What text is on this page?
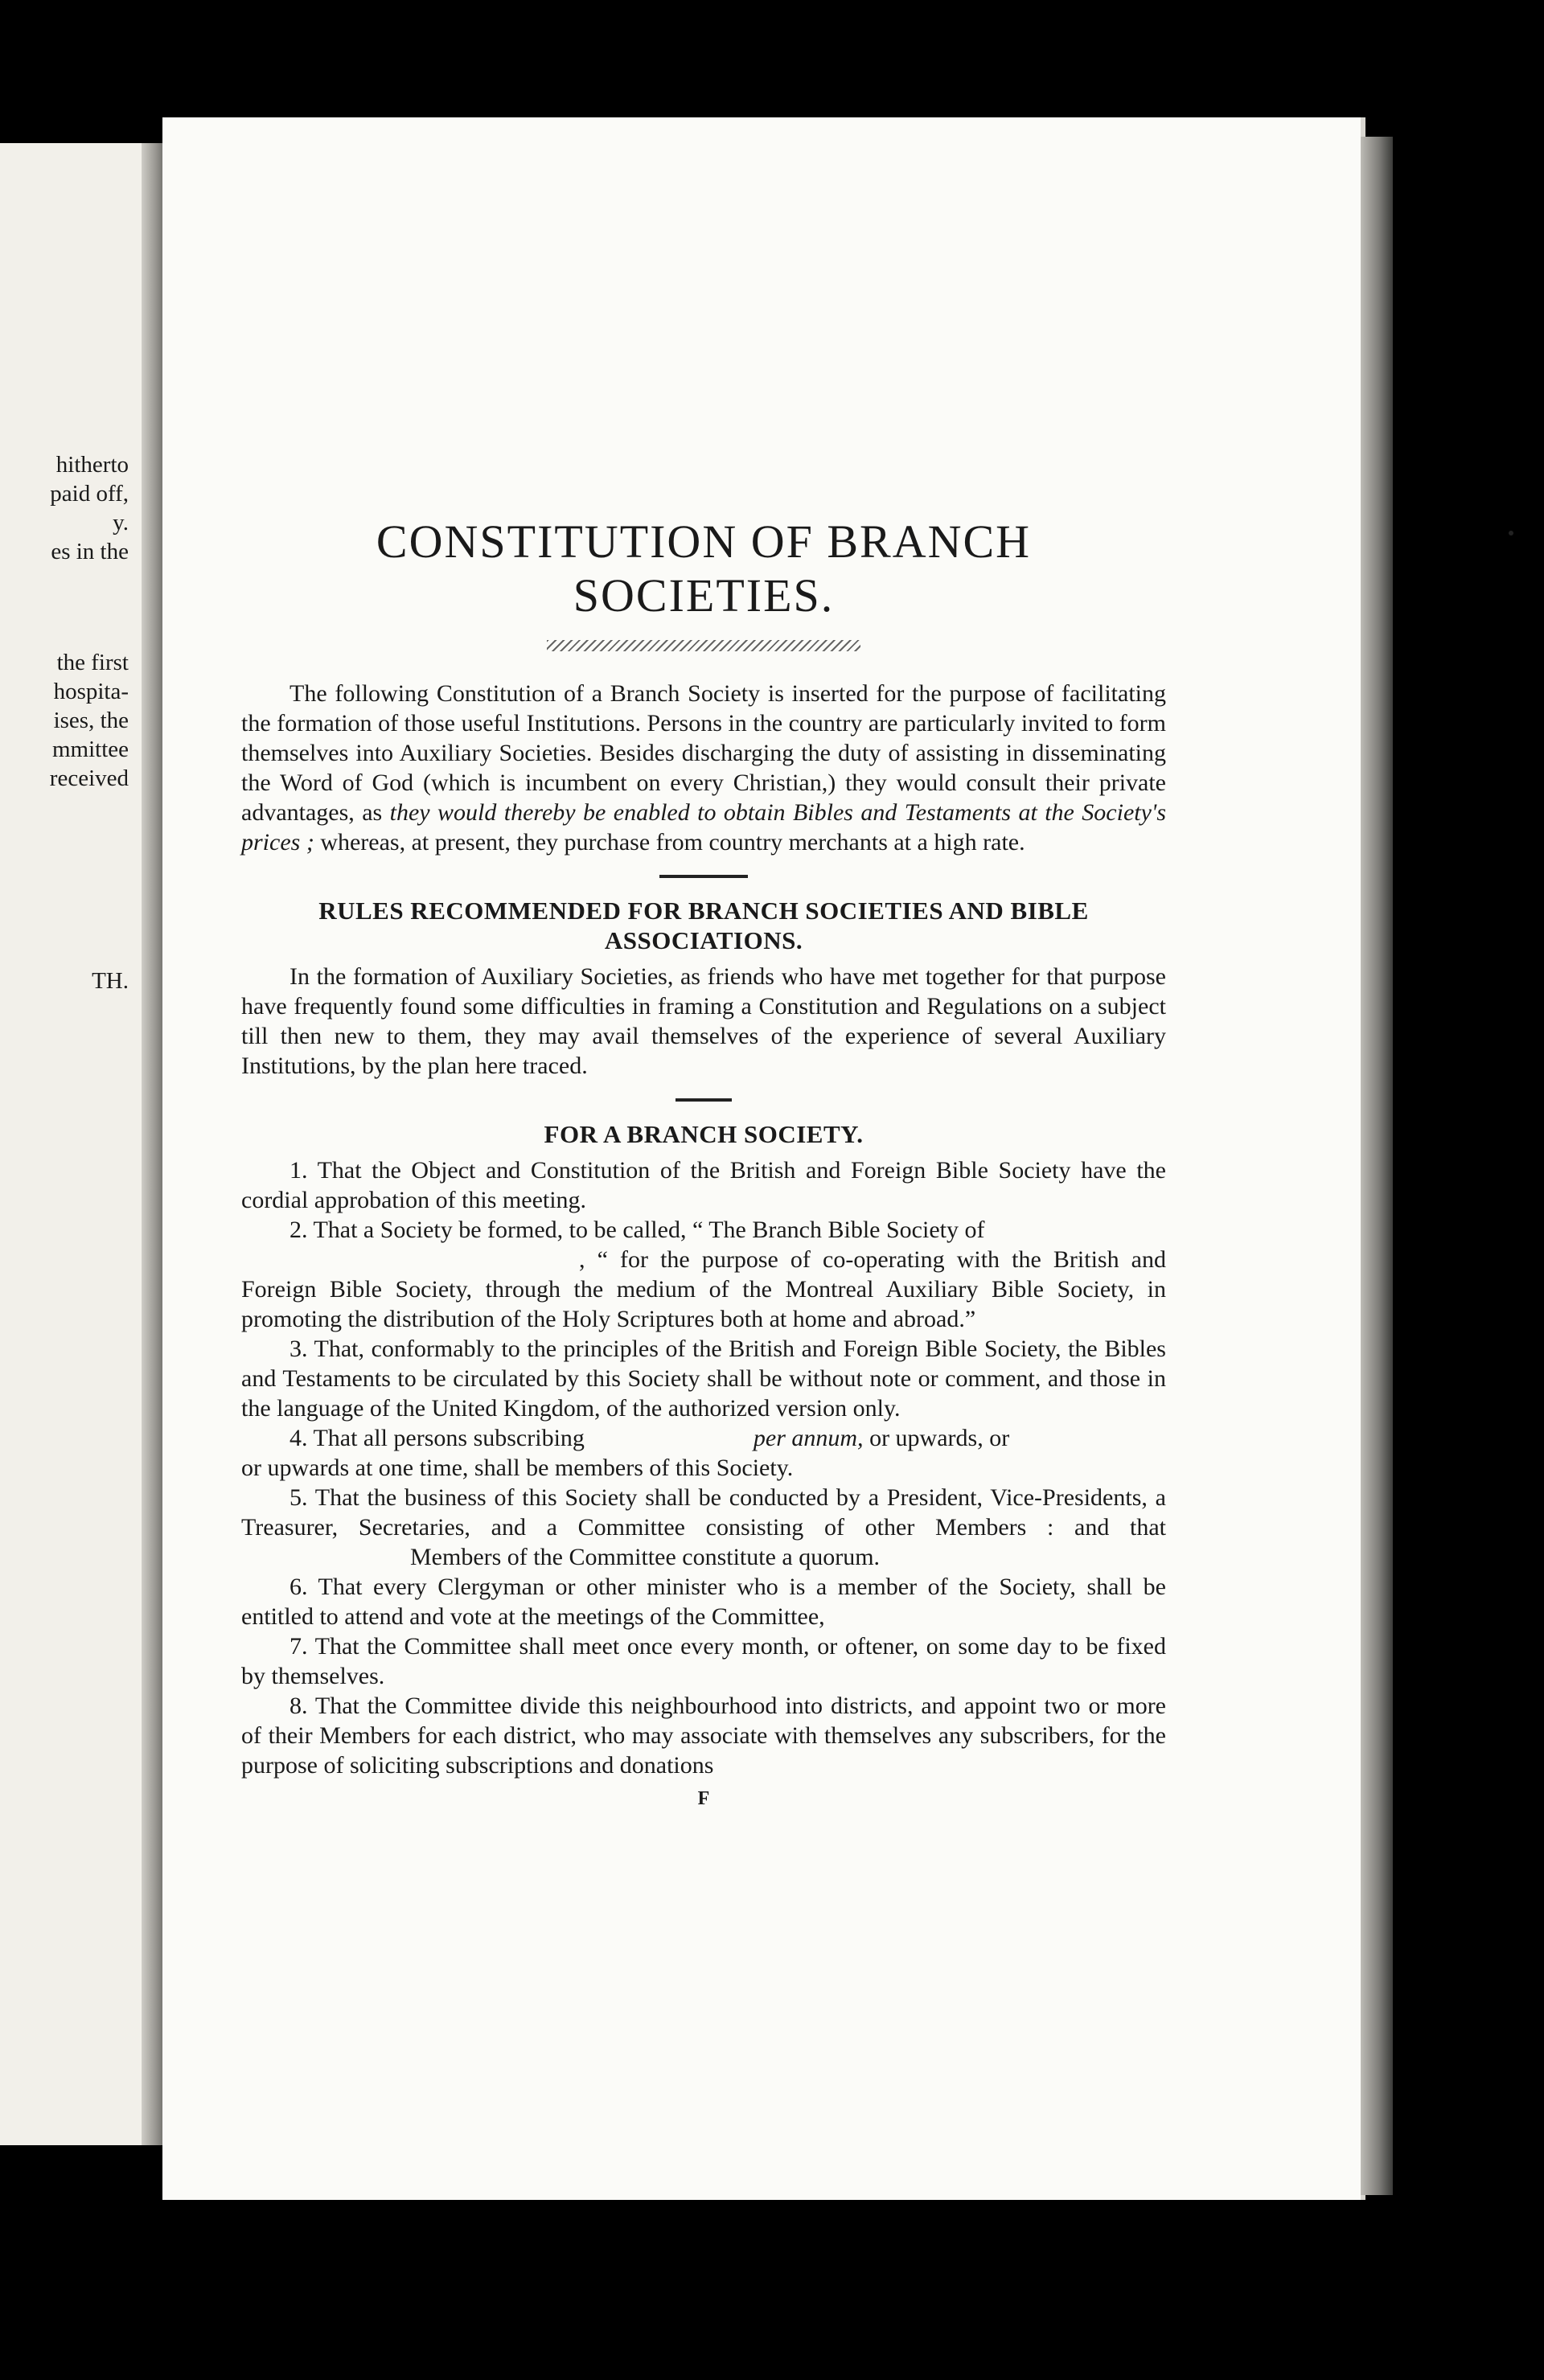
hitherto
paid off,
y.
es in the
the first
hospita-
ises, the
mmittee
received
TH.
CONSTITUTION OF BRANCH SOCIETIES.

The following Constitution of a Branch Society is inserted for the purpose of facilitating the formation of those useful Institutions. Persons in the country are particularly invited to form themselves into Auxiliary Societies. Besides discharging the duty of assisting in disseminating the Word of God (which is incumbent on every Christian,) they would consult their private advantages, as they would thereby be enabled to obtain Bibles and Testaments at the Society's prices ; whereas, at present, they purchase from country merchants at a high rate.

RULES RECOMMENDED FOR BRANCH SOCIETIES AND BIBLE ASSOCIATIONS.

In the formation of Auxiliary Societies, as friends who have met together for that purpose have frequently found some difficulties in framing a Constitution and Regulations on a subject till then new to them, they may avail themselves of the experience of several Auxiliary Institutions, by the plan here traced.

FOR A BRANCH SOCIETY.

1. That the Object and Constitution of the British and Foreign Bible Society have the cordial approbation of this meeting.

2. That a Society be formed, to be called, “ The Branch Bible Society of
, “ for the purpose of co-operating with the British and Foreign Bible Society, through the medium of the Montreal Auxiliary Bible Society, in promoting the distribution of the Holy Scriptures both at home and abroad.”

3. That, conformably to the principles of the British and Foreign Bible Society, the Bibles and Testaments to be circulated by this Society shall be without note or comment, and those in the language of the United Kingdom, of the authorized version only.

4. That all persons subscribing	per annum, or upwards, or
or upwards at one time, shall be members of this Society.

5. That the business of this Society shall be conducted by a President, Vice-Presidents, a Treasurer, Secretaries, and a Committee consisting of other Members : and thatMembers of the Committee constitute a quorum.

6. That every Clergyman or other minister who is a member of the Society, shall be entitled to attend and vote at the meetings of the Committee,

7. That the Committee shall meet once every month, or oftener, on some day to be fixed by themselves.

8. That the Committee divide this neighbourhood into districts, and appoint two or more of their Members for each district, who may associate with themselves any subscribers, for the purpose of soliciting subscriptions and donations

F
